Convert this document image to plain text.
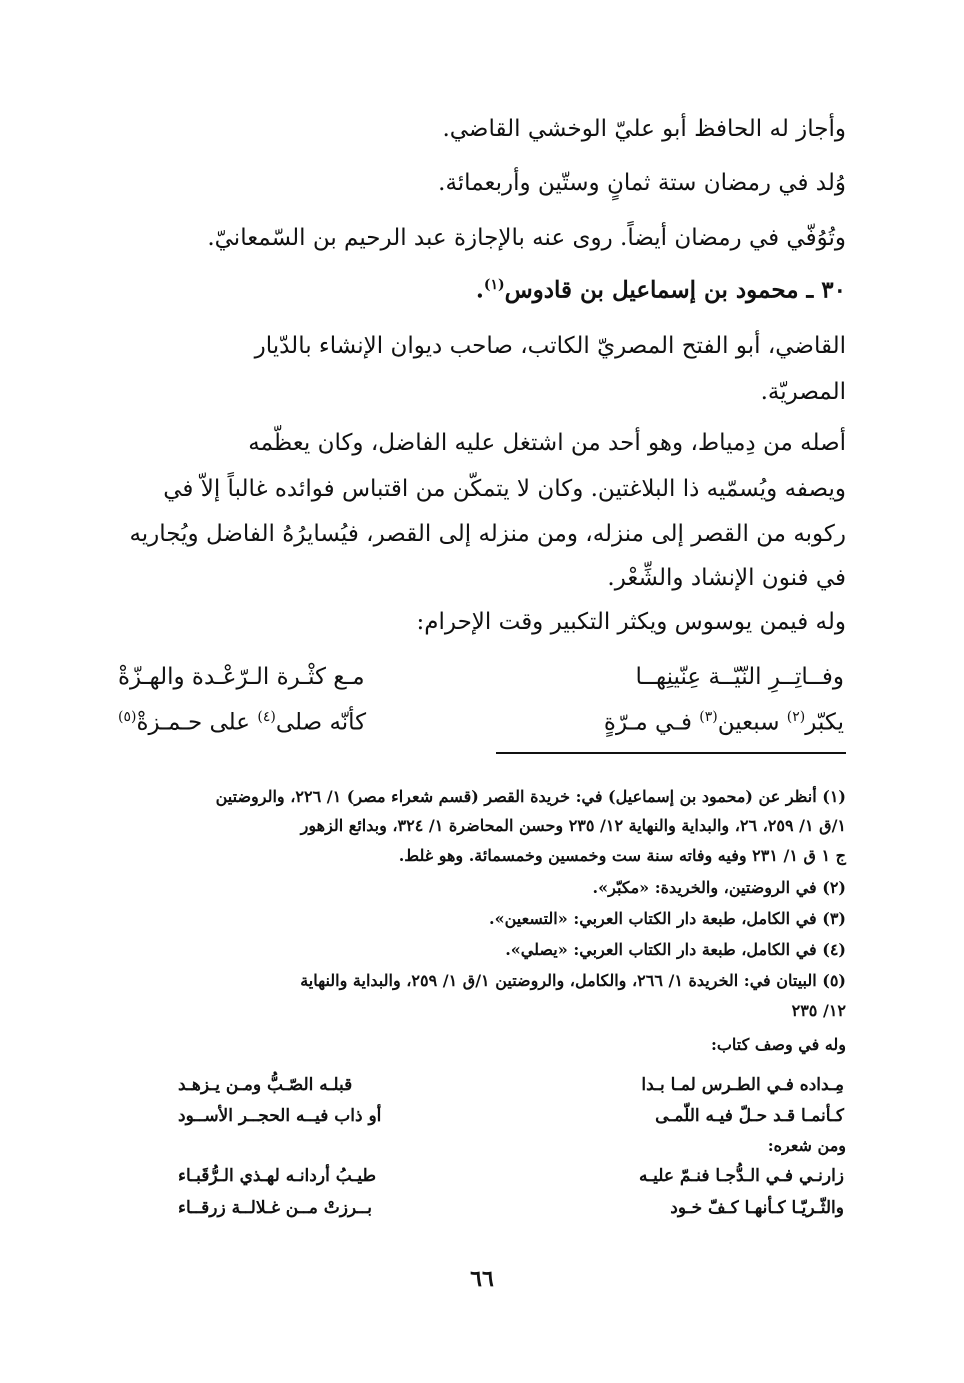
وأجاز له الحافظ أبو عليّ الوخشي القاضي.
وُلد في رمضان ستة ثمانٍ وستّين وأربعمائة.
وتُوُفّي في رمضان أيضاً. روى عنه بالإجازة عبد الرحيم بن السّمعانيّ.
٣٠ ـ محمود بن إسماعيل بن قادوس$^{(١)}$.
القاضي، أبو الفتح المصريّ الكاتب، صاحب ديوان الإنشاء بالدّيار
المصريّة.
أصله من دِمياط، وهو أحد من اشتغل عليه الفاضل، وكان يعظّمه
ويصفه ويُسمّيه ذا البلاغتين. وكان لا يتمكّن من اقتباس فوائده غالباً إلاّ في
ركوبه من القصر إلى منزله، ومن منزله إلى القصر، فيُسايرُهُ الفاضل ويُجاريه
في فنون الإنشاد والشِّعْر.
وله فيمن يوسوس ويكثر التكبير وقت الإحرام:
وفــاتِــرِ النّيّــة عِنّينِهــا
مـع كثْـرة الـرّعْـدة والهـزّةْ
يكبّر$^{(٢)}$ سبعين$^{(٣)}$ فـي مـرّةٍ
كأنّه صلى$^{(٤)}$ على حـمـزةْ$^{(٥)}$
(١) أنظر عن (محمود بن إسماعيل) في: خريدة القصر (قسم شعراء مصر) ١/ ٢٢٦، والروضتين
١/ق ١/ ٢٥٩، ٢٦، والبداية والنهاية ١٢/ ٢٣٥ وحسن المحاضرة ١/ ٣٢٤، وبدائع الزهور
ج ١ ق ١/ ٢٣١ وفيه وفاته سنة ست وخمسين وخمسمائة. وهو غلط.
(٢) في الروضتين، والخريدة: «مكبّر».
(٣) في الكامل، طبعة دار الكتاب العربي: «التسعين».
(٤) في الكامل، طبعة دار الكتاب العربي: «يصلي».
(٥) البيتان في: الخريدة ١/ ٢٦٦، والكامل، والروضتين ١/ق ١/ ٢٥٩، والبداية والنهاية
١٢/ ٢٣٥
وله في وصف كتاب:
مِـداده فـي الطـرس لمـا بـدا
قبلـه الصّـبُّ ومـن يـزهـد
كـأنمـا قـد حـلّ فيـه اللّمـى
أو ذاب فيــه الحجــر الأســود
ومن شعره:
زارنـي فـي الـدُّجـا فنـمّ عليـه
طيـبُ أردانـه لهـذي الـرُّقَبـاء
والثّـريّـا كـأنهـا كـفّ خـود
بــرزتْ مــن غـلالــة زرقــاء
٦٦
